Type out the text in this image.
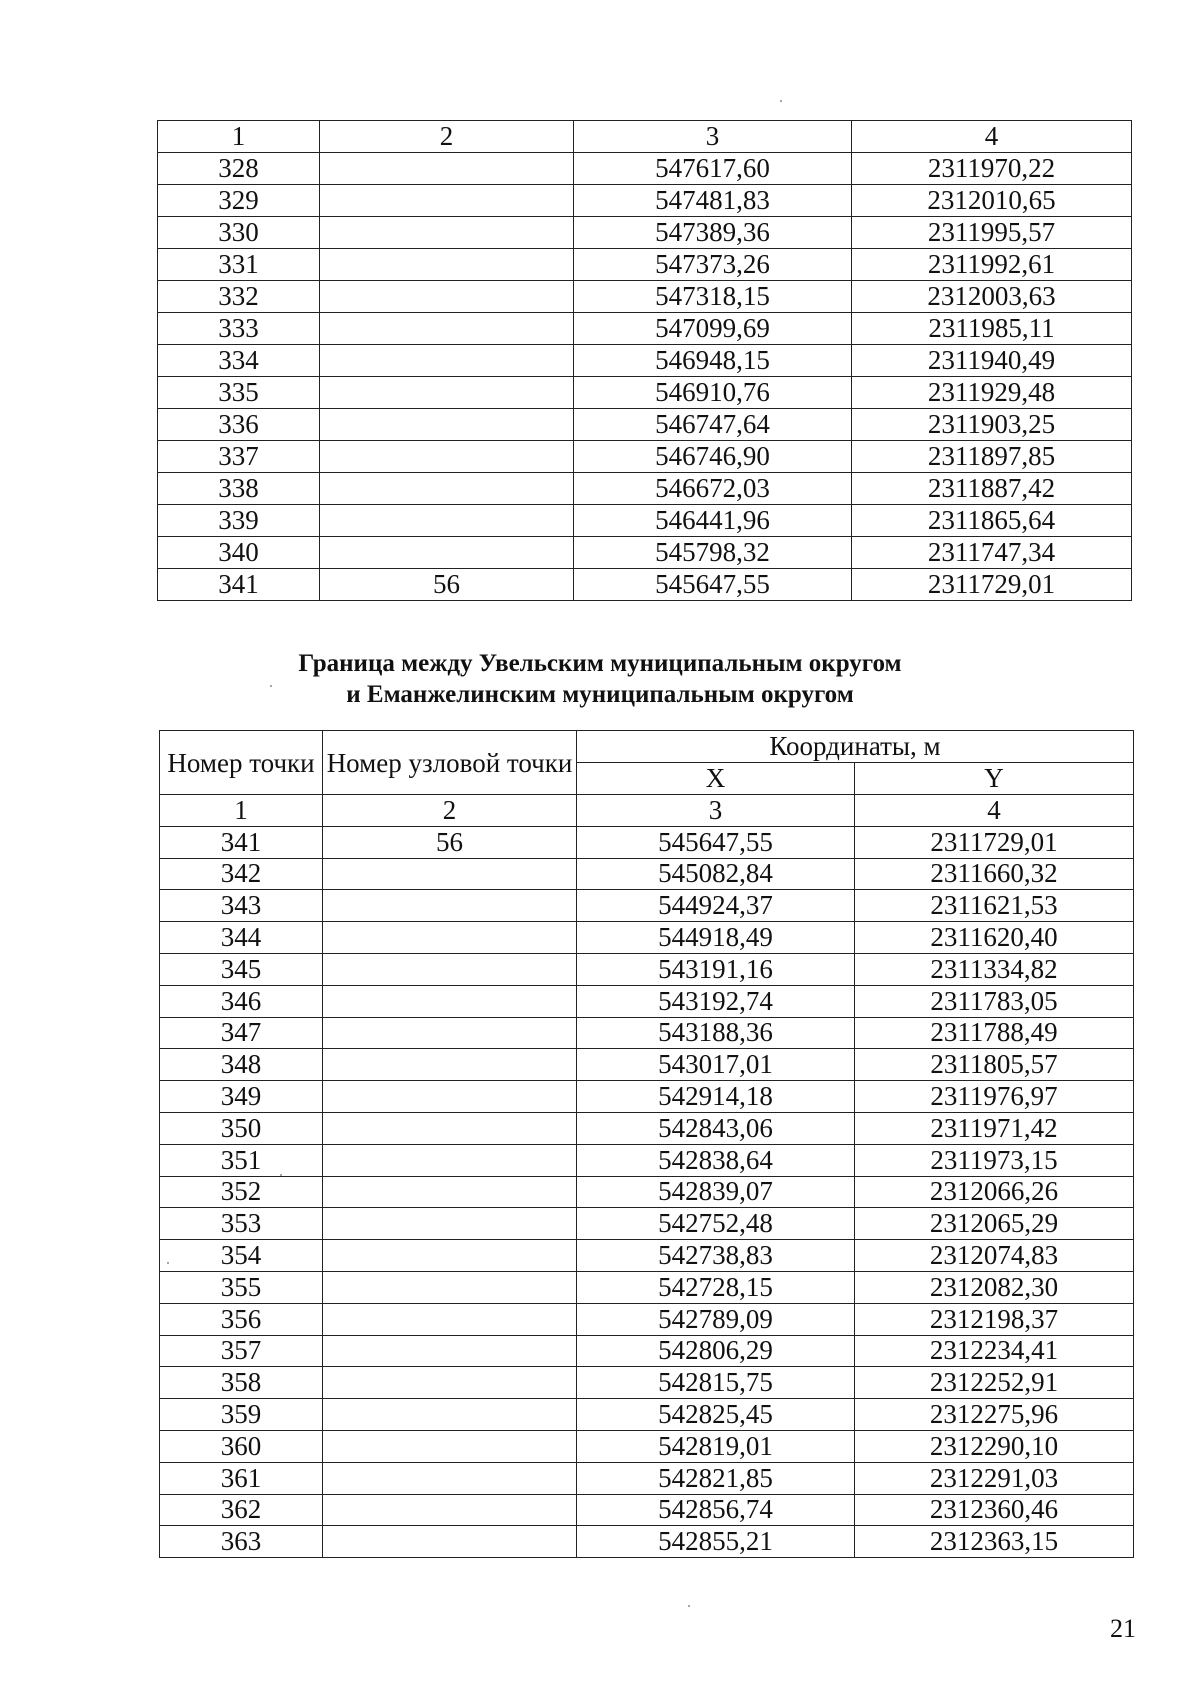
1	2	3	4
328		547617,60	2311970,22
329		547481,83	2312010,65
330		547389,36	2311995,57
331		547373,26	2311992,61
332		547318,15	2312003,63
333		547099,69	2311985,11
334		546948,15	2311940,49
335		546910,76	2311929,48
336		546747,64	2311903,25
337		546746,90	2311897,85
338		546672,03	2311887,42
339		546441,96	2311865,64
340		545798,32	2311747,34
341	56	545647,55	2311729,01
Граница между Увельским муниципальным округом
и Еманжелинским муниципальным округом
Номер точки	Номер узловой точки	Координаты, м	
		X	Y
1	2	3	4
341	56	545647,55	2311729,01
342		545082,84	2311660,32
343		544924,37	2311621,53
344		544918,49	2311620,40
345		543191,16	2311334,82
346		543192,74	2311783,05
347		543188,36	2311788,49
348		543017,01	2311805,57
349		542914,18	2311976,97
350		542843,06	2311971,42
351		542838,64	2311973,15
352		542839,07	2312066,26
353		542752,48	2312065,29
354		542738,83	2312074,83
355		542728,15	2312082,30
356		542789,09	2312198,37
357		542806,29	2312234,41
358		542815,75	2312252,91
359		542825,45	2312275,96
360		542819,01	2312290,10
361		542821,85	2312291,03
362		542856,74	2312360,46
363		542855,21	2312363,15
21
